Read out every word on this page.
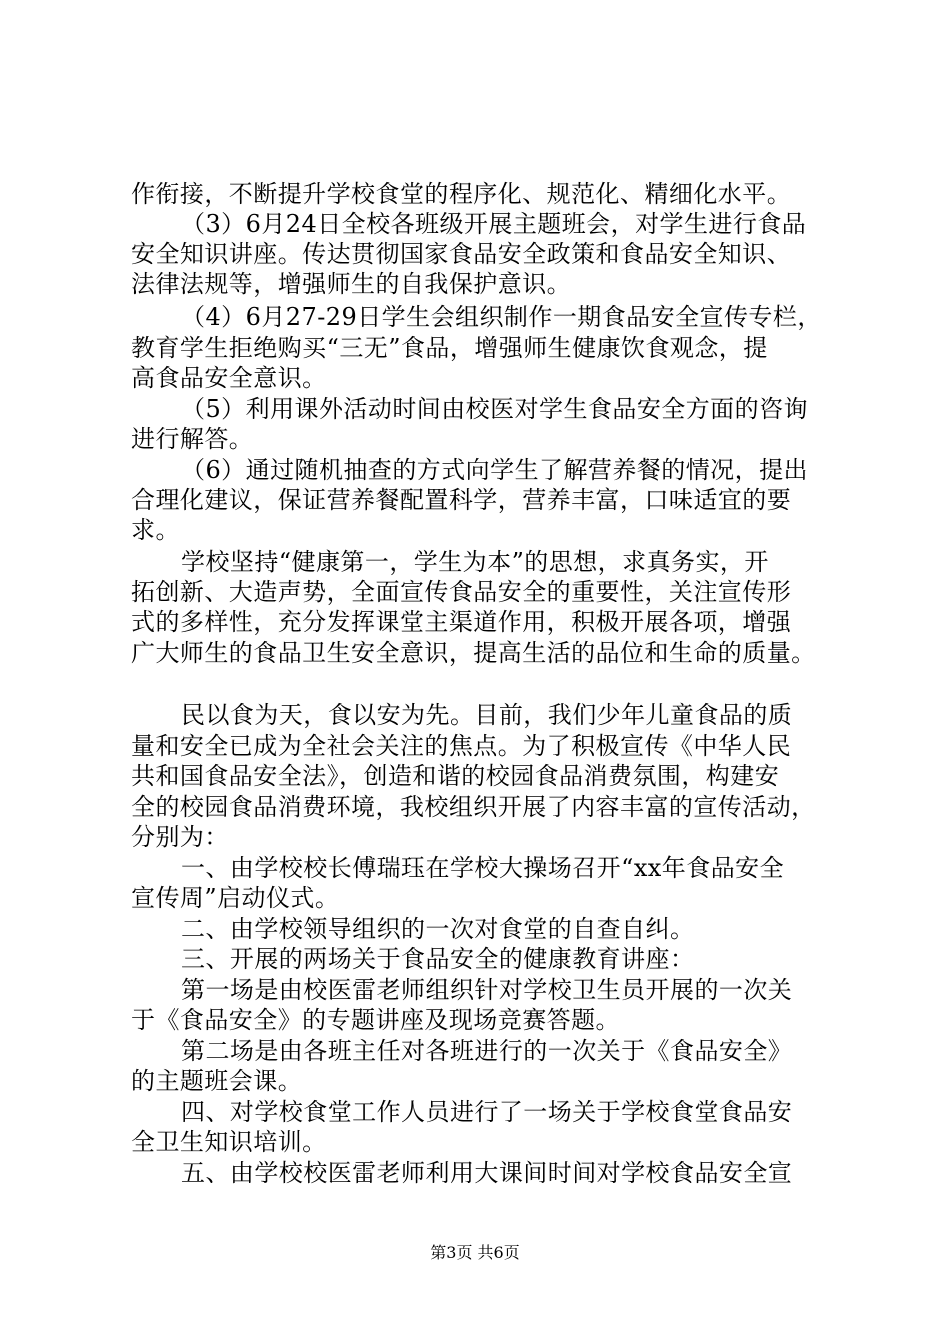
作衔接，不断提升学校食堂的程序化、规范化、精细化水平。
（3）6月24日全校各班级开展主题班会，对学生进行食品
安全知识讲座。传达贯彻国家食品安全政策和食品安全知识、
法律法规等，增强师生的自我保护意识。
（4）6月27-29日学生会组织制作一期食品安全宣传专栏，
教育学生拒绝购买“三无”食品，增强师生健康饮食观念，提
高食品安全意识。
（5）利用课外活动时间由校医对学生食品安全方面的咨询
进行解答。
（6）通过随机抽查的方式向学生了解营养餐的情况，提出
合理化建议，保证营养餐配置科学，营养丰富，口味适宜的要
求。
学校坚持“健康第一，学生为本”的思想，求真务实，开
拓创新、大造声势，全面宣传食品安全的重要性，关注宣传形
式的多样性，充分发挥课堂主渠道作用，积极开展各项，增强
广大师生的食品卫生安全意识，提高生活的品位和生命的质量。
民以食为天，食以安为先。目前，我们少年儿童食品的质
量和安全已成为全社会关注的焦点。为了积极宣传《中华人民
共和国食品安全法》，创造和谐的校园食品消费氛围，构建安
全的校园食品消费环境，我校组织开展了内容丰富的宣传活动，
分别为：
一、由学校校长傅瑞珏在学校大操场召开“xx年食品安全
宣传周”启动仪式。
二、由学校领导组织的一次对食堂的自查自纠。
三、开展的两场关于食品安全的健康教育讲座：
第一场是由校医雷老师组织针对学校卫生员开展的一次关
于《食品安全》的专题讲座及现场竞赛答题。
第二场是由各班主任对各班进行的一次关于《食品安全》
的主题班会课。
四、对学校食堂工作人员进行了一场关于学校食堂食品安
全卫生知识培训。
五、由学校校医雷老师利用大课间时间对学校食品安全宣
第3页 共6页
